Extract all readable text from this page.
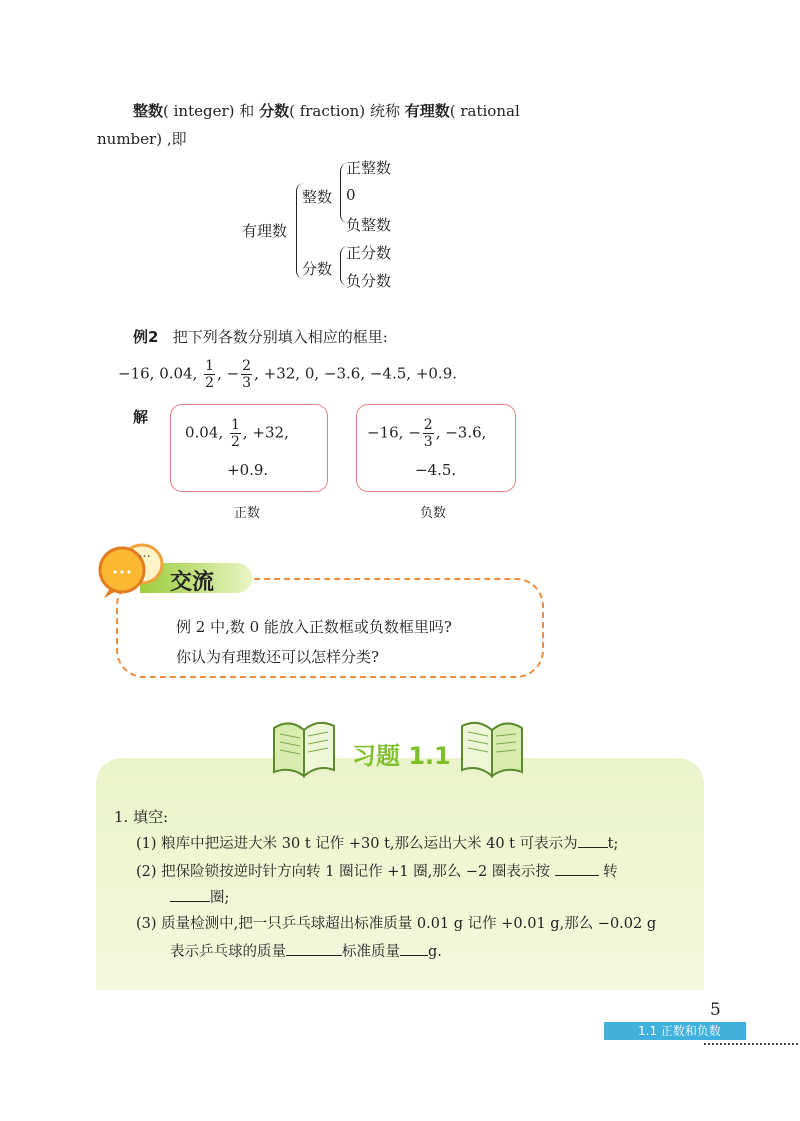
整数( integer) 和 分数( fraction) 统称 有理数( rational
number) ,即
有理数
整数
正整数
0
负整数
分数
正分数
负分数
例2 把下列各数分别填入相应的框里:
−16, 0.04, $\frac{1}{2}$ , − $\frac{2}{3}$ , +32, 0, −3.6, −4.5, +0.9.
解
0.04, $\frac{1}{2}$ , +32,
+0.9.
正数
−16, − $\frac{2}{3}$ , −3.6,
−4.5.
负数
…
交流
例 2 中,数 0 能放入正数框或负数框里吗?
你认为有理数还可以怎样分类?
习题 1.1
1. 填空:
(1) 粮库中把运进大米 30 t 记作 +30 t,那么运出大米 40 t 可表示为 t;
(2) 把保险锁按逆时针方向转 1 圈记作 +1 圈,那么 −2 圈表示按	转
圈;
(3) 质量检测中,把一只乒乓球超出标准质量 0.01 g 记作 +0.01 g,那么 −0.02 g
表示乒乓球的质量	标准质量 g.
5
1.1 正数和负数
